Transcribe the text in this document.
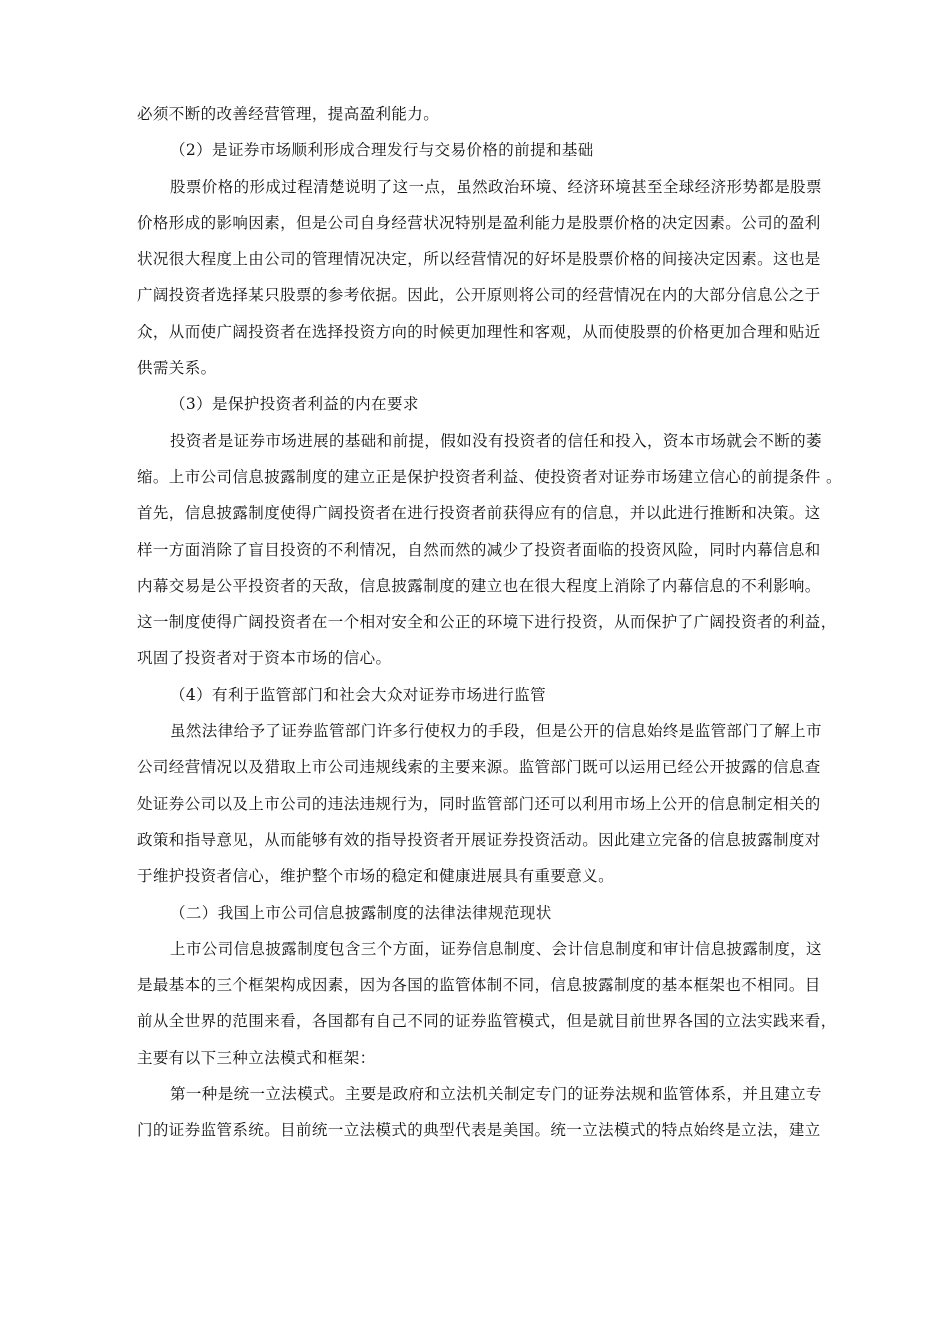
必须不断的改善经营管理，提高盈利能力。
（2）是证券市场顺利形成合理发行与交易价格的前提和基础
股票价格的形成过程清楚说明了这一点，虽然政治环境、经济环境甚至全球经济形势都是股票
价格形成的影响因素，但是公司自身经营状况特别是盈利能力是股票价格的决定因素。公司的盈利
状况很大程度上由公司的管理情况决定，所以经营情况的好坏是股票价格的间接决定因素。这也是
广阔投资者选择某只股票的参考依据。因此，公开原则将公司的经营情况在内的大部分信息公之于
众，从而使广阔投资者在选择投资方向的时候更加理性和客观，从而使股票的价格更加合理和贴近
供需关系。
（3）是保护投资者利益的内在要求
投资者是证券市场进展的基础和前提，假如没有投资者的信任和投入，资本市场就会不断的萎
缩。上市公司信息披露制度的建立正是保护投资者利益、使投资者对证券市场建立信心的前提条件 。
首先，信息披露制度使得广阔投资者在进行投资者前获得应有的信息，并以此进行推断和决策。这
样一方面消除了盲目投资的不利情况，自然而然的减少了投资者面临的投资风险，同时内幕信息和
内幕交易是公平投资者的天敌，信息披露制度的建立也在很大程度上消除了内幕信息的不利影响。
这一制度使得广阔投资者在一个相对安全和公正的环境下进行投资，从而保护了广阔投资者的利益，
巩固了投资者对于资本市场的信心。
（4）有利于监管部门和社会大众对证券市场进行监管
虽然法律给予了证券监管部门许多行使权力的手段，但是公开的信息始终是监管部门了解上市
公司经营情况以及猎取上市公司违规线索的主要来源。监管部门既可以运用已经公开披露的信息查
处证券公司以及上市公司的违法违规行为，同时监管部门还可以利用市场上公开的信息制定相关的
政策和指导意见，从而能够有效的指导投资者开展证券投资活动。因此建立完备的信息披露制度对
于维护投资者信心，维护整个市场的稳定和健康进展具有重要意义。
（二）我国上市公司信息披露制度的法律法律规范现状
上市公司信息披露制度包含三个方面，证券信息制度、会计信息制度和审计信息披露制度，这
是最基本的三个框架构成因素，因为各国的监管体制不同，信息披露制度的基本框架也不相同。目
前从全世界的范围来看，各国都有自己不同的证券监管模式，但是就目前世界各国的立法实践来看，
主要有以下三种立法模式和框架：
第一种是统一立法模式。主要是政府和立法机关制定专门的证券法规和监管体系，并且建立专
门的证券监管系统。目前统一立法模式的典型代表是美国。统一立法模式的特点始终是立法，建立
